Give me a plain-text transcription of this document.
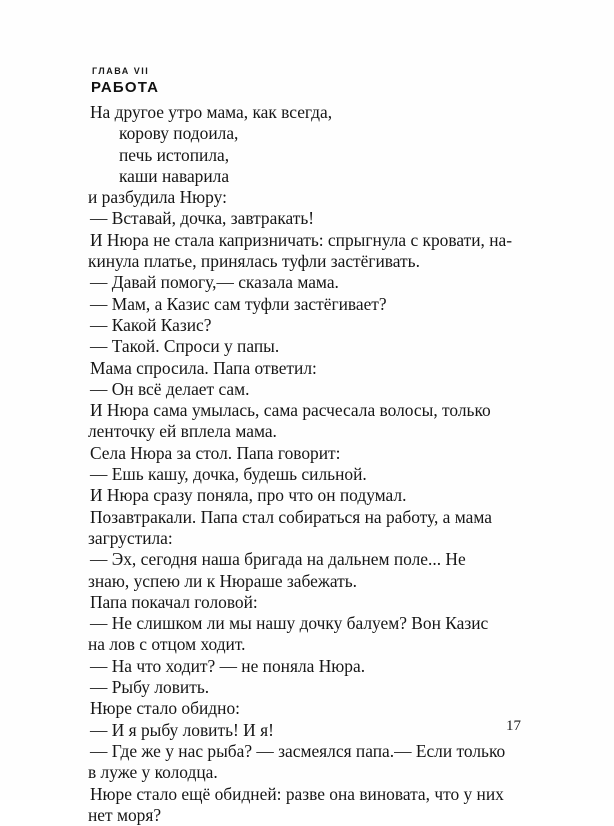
ГЛАВА VII
РАБОТА
На другое утро мама, как всегда,
корову подоила,
печь истопила,
каши наварила
и разбудила Нюру:
— Вставай, дочка, завтракать!
И Нюра не стала капризничать: спрыгнула с кровати, на-
кинула платье, принялась туфли застёгивать.
— Давай помогу,— сказала мама.
— Мам, а Казис сам туфли застёгивает?
— Какой Казис?
— Такой. Спроси у папы.
Мама спросила. Папа ответил:
— Он всё делает сам.
И Нюра сама умылась, сама расчесала волосы, только
ленточку ей вплела мама.
Села Нюра за стол. Папа говорит:
— Ешь кашу, дочка, будешь сильной.
И Нюра сразу поняла, про что он подумал.
Позавтракали. Папа стал собираться на работу, а мама
загрустила:
— Эх, сегодня наша бригада на дальнем поле... Не
знаю, успею ли к Нюраше забежать.
Папа покачал головой:
— Не слишком ли мы нашу дочку балуем? Вон Казис
на лов с отцом ходит.
— На что ходит? — не поняла Нюра.
— Рыбу ловить.
Нюре стало обидно:
— И я рыбу ловить! И я!
— Где же у нас рыба? — засмеялся папа.— Если только
в луже у колодца.
Нюре стало ещё обидней: разве она виновата, что у них
нет моря?
17
